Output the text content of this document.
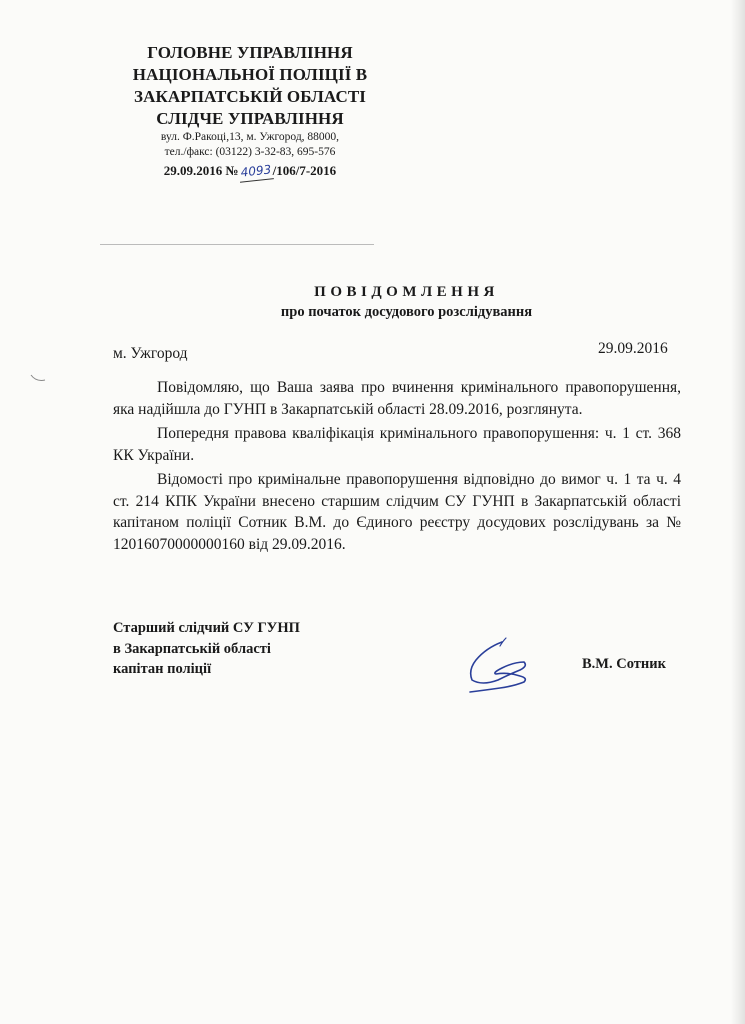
ГОЛОВНЕ УПРАВЛІННЯ
НАЦІОНАЛЬНОЇ ПОЛІЦІЇ В
ЗАКАРПАТСЬКІЙ ОБЛАСТІ
СЛІДЧЕ УПРАВЛІННЯ
вул. Ф.Ракоці,13, м. Ужгород, 88000,
тел./факс: (03122) 3-32-83, 695-576
29.09.2016 №4093/106/7-2016
ПОВІДОМЛЕННЯ
про початок досудового розслідування
м. Ужгород	29.09.2016

Повідомляю, що Ваша заява про вчинення кримінального правопорушення, яка надійшла до ГУНП в Закарпатській області 28.09.2016, розглянута.

Попередня правова кваліфікація кримінального правопорушення: ч. 1 ст. 368 КК України.

Відомості про кримінальне правопорушення відповідно до вимог ч. 1 та ч. 4 ст. 214 КПК України внесено старшим слідчим СУ ГУНП в Закарпатській області капітаном поліції Сотник В.М. до Єдиного реєстру досудових розслідувань за № 12016070000000160 від 29.09.2016.

Старший слідчий СУ ГУНП
в Закарпатській області
капітан поліції	В.М. Сотник
